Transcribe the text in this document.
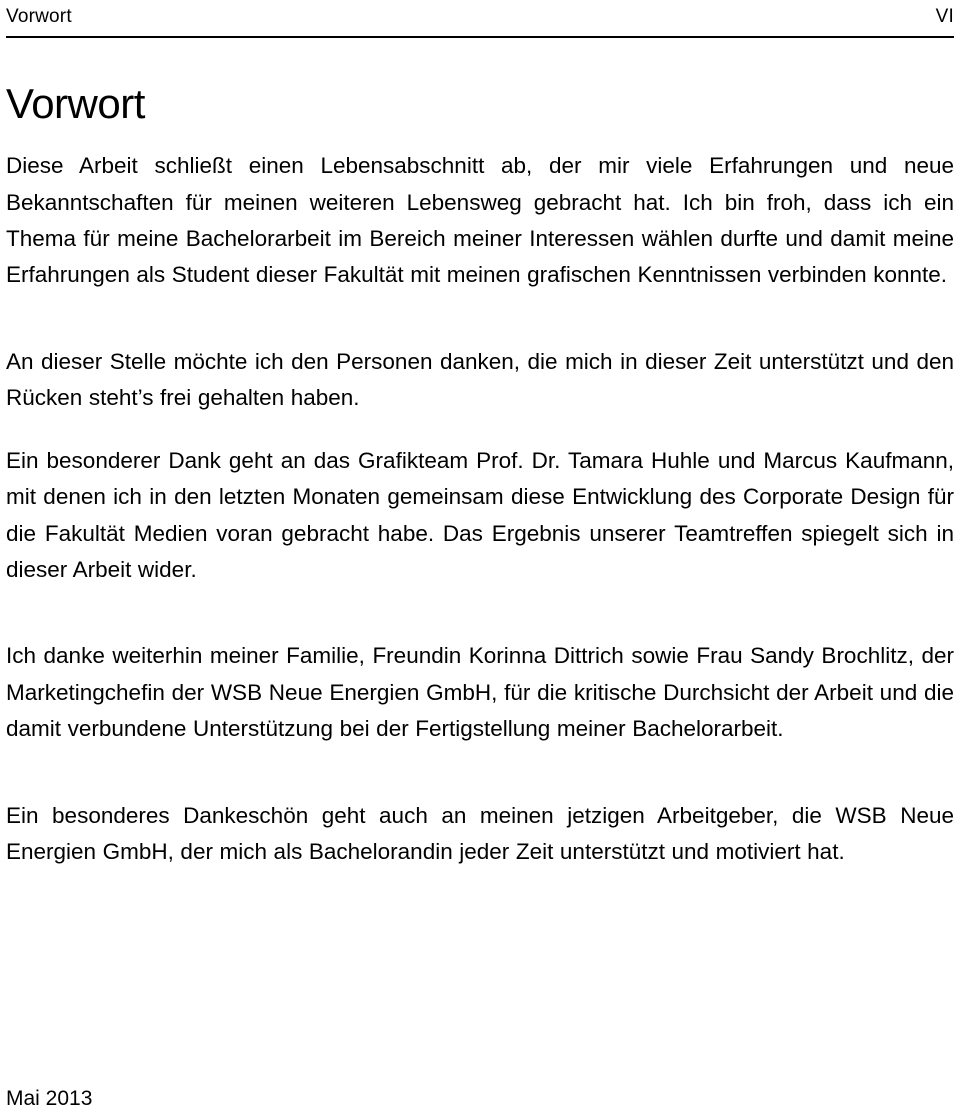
Vorwort	VI
Vorwort

Diese Arbeit schließt einen Lebensabschnitt ab, der mir viele Erfahrungen und neue Bekanntschaften für meinen weiteren Lebensweg gebracht hat. Ich bin froh, dass ich ein Thema für meine Bachelorarbeit im Bereich meiner Interessen wählen durfte und damit meine Erfahrungen als Student dieser Fakultät mit meinen grafischen Kenntnissen verbinden konnte.

An dieser Stelle möchte ich den Personen danken, die mich in dieser Zeit unterstützt und den Rücken steht’s frei gehalten haben.

Ein besonderer Dank geht an das Grafikteam Prof. Dr. Tamara Huhle und Marcus Kaufmann, mit denen ich in den letzten Monaten gemeinsam diese Entwicklung des Corporate Design für die Fakultät Medien voran gebracht habe. Das Ergebnis unserer Teamtreffen spiegelt sich in dieser Arbeit wider.

Ich danke weiterhin meiner Familie, Freundin Korinna Dittrich sowie Frau Sandy Brochlitz, der Marketingchefin der WSB Neue Energien GmbH, für die kritische Durchsicht der Arbeit und die damit verbundene Unterstützung bei der Fertigstellung meiner Bachelorarbeit.

Ein besonderes Dankeschön geht auch an meinen jetzigen Arbeitgeber, die WSB Neue Energien GmbH, der mich als Bachelorandin jeder Zeit unterstützt und motiviert hat.

Mai 2013
